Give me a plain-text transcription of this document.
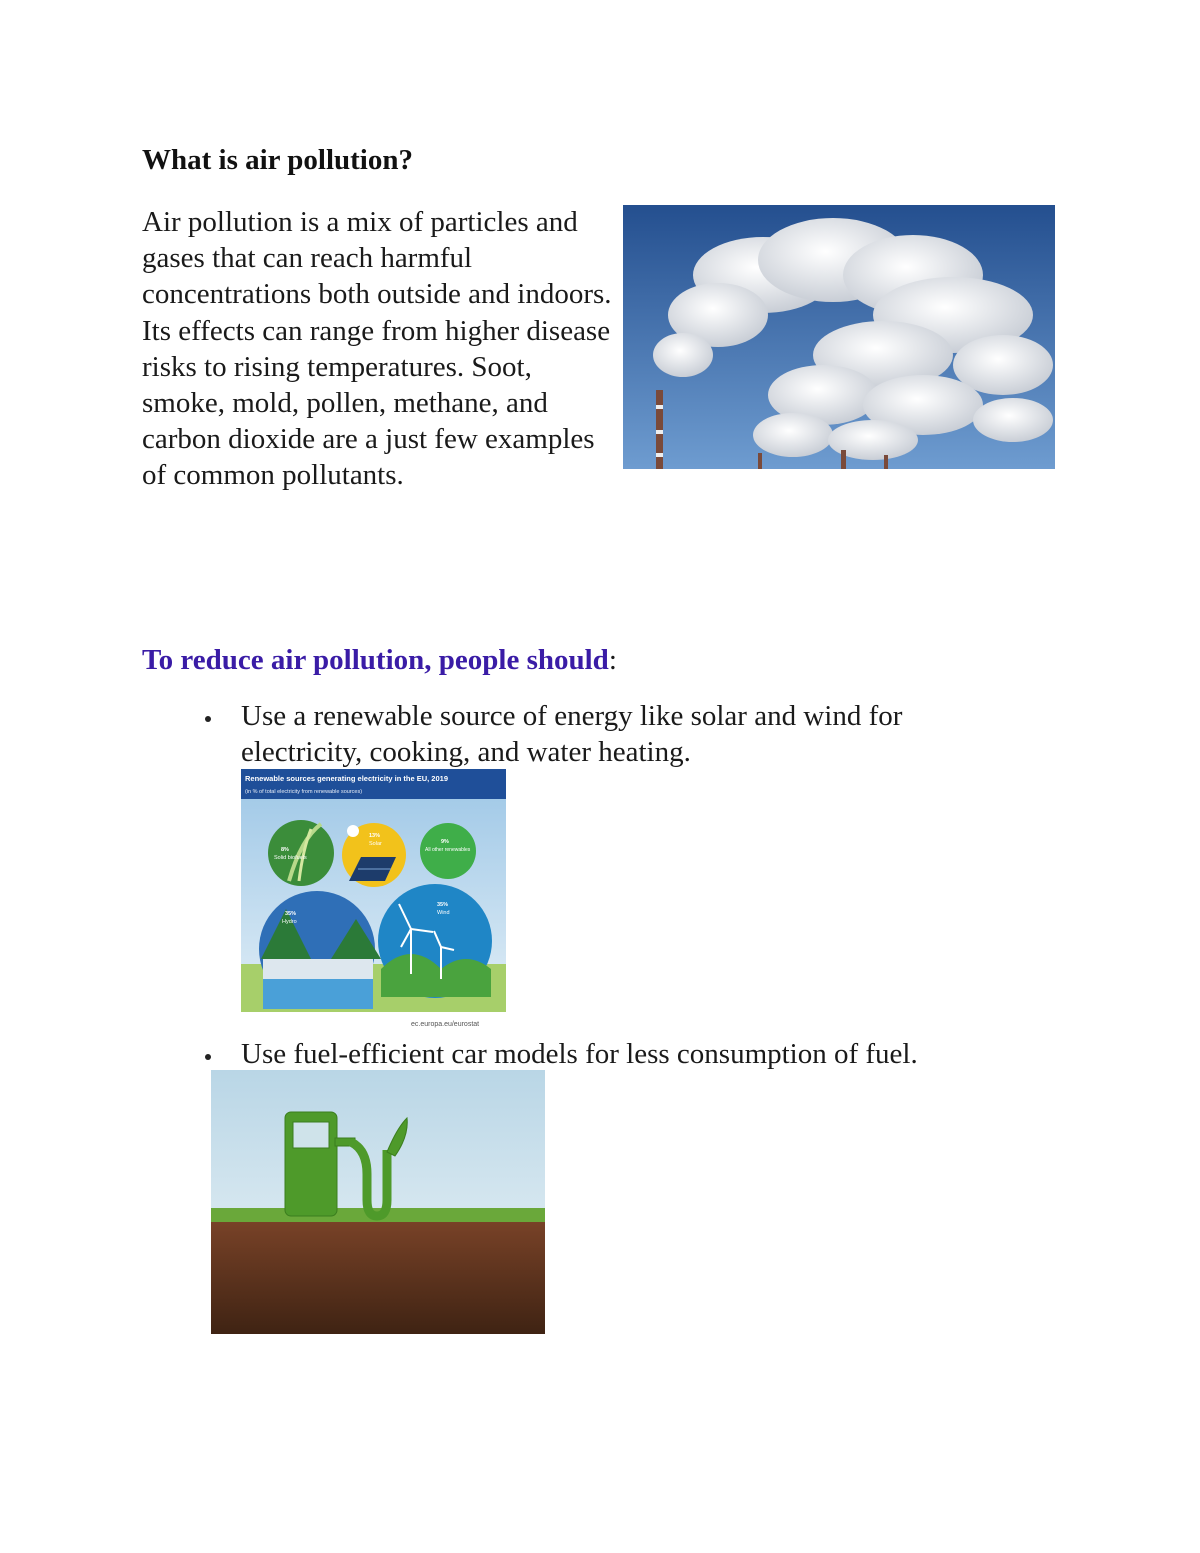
What is air pollution?
Air pollution is a mix of particles and gases that can reach harmful concentrations both outside and indoors. Its effects can range from higher disease risks to rising temperatures. Soot, smoke, mold, pollen, methane, and carbon dioxide are a just few examples of common pollutants.
To reduce air pollution, people should:
Use a renewable source of energy like solar and wind for electricity, cooking, and water heating.
Renewable sources generating electricity in the EU, 2019
(in % of total electricity from renewable sources)
8%
Solid biofuels
13%
Solar	9%
All other renewables
35%
Hydro
35%
Wind
ec.europa.eu/eurostat
Use fuel-efficient car models for less consumption of fuel.
